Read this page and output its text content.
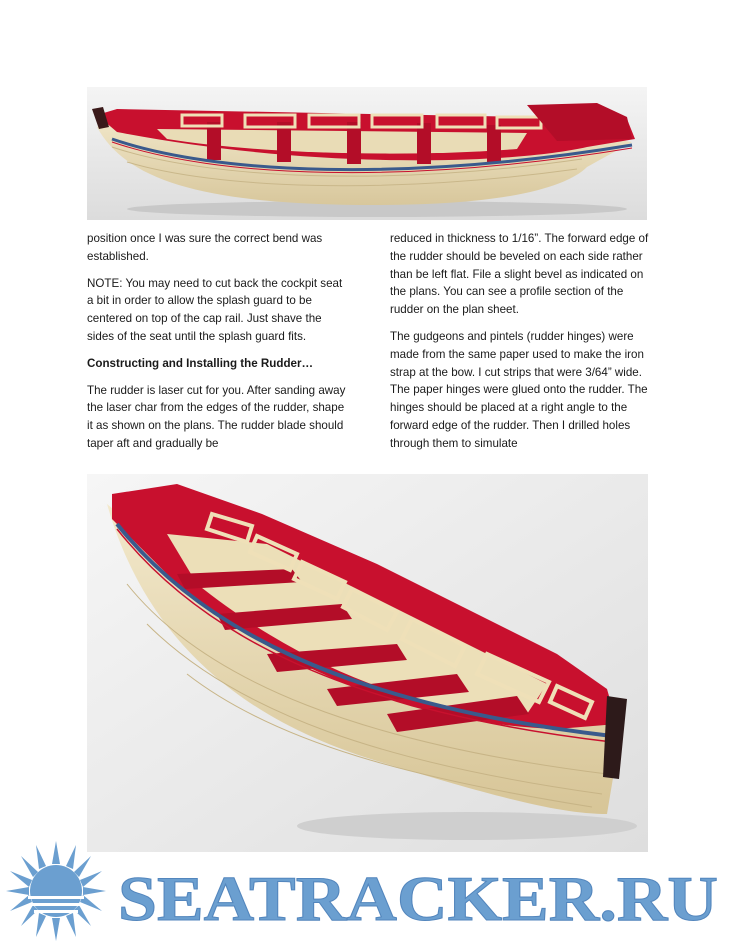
position once I was sure the correct bend was established.

NOTE: You may need to cut back the cockpit seat a bit in order to allow the splash guard to be centered on top of the cap rail. Just shave the sides of the seat until the splash guard fits.

Constructing and Installing the Rudder…

The rudder is laser cut for you. After sanding away the laser char from the edges of the rudder, shape it as shown on the plans. The rudder blade should taper aft and gradually be

reduced in thickness to 1/16”. The forward edge of the rudder should be beveled on each side rather than be left flat. File a slight bevel as indicated on the plans. You can see a profile section of the rudder on the plan sheet.

The gudgeons and pintels (rudder hinges) were made from the same paper used to make the iron strap at the bow. I cut strips that were 3/64” wide. The paper hinges were glued onto the rudder. The hinges should be placed at a right angle to the forward edge of the rudder. Then I drilled holes through them to simulate

SEATRACKER.RU
